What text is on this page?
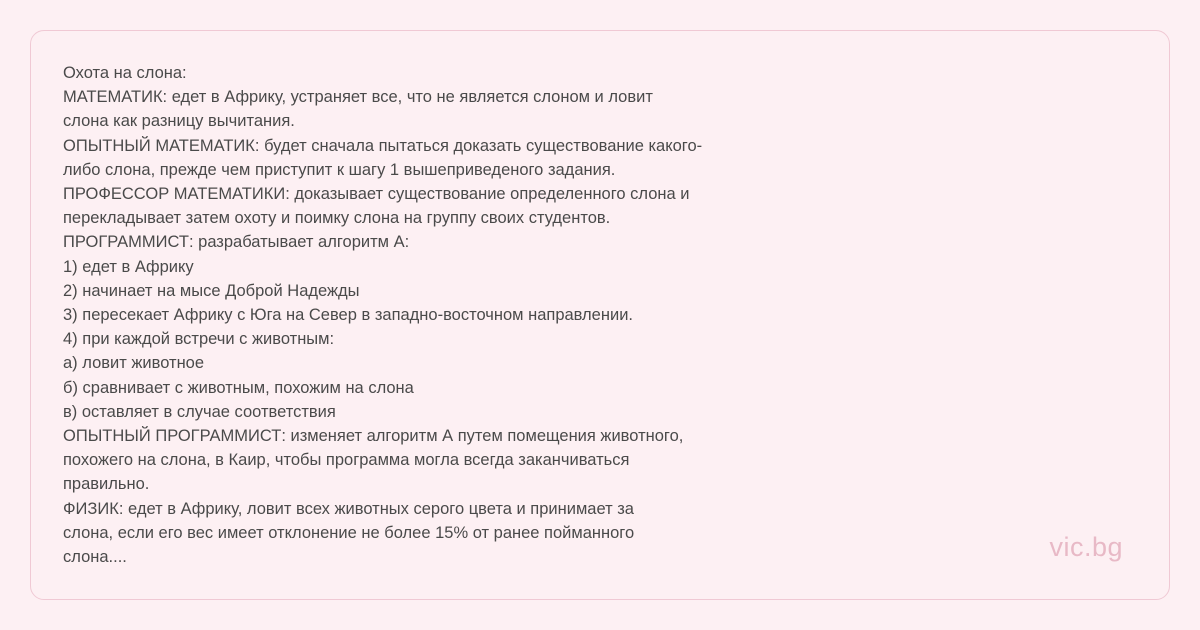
Охота на слона:
МАТЕМАТИК: едет в Африку, устраняет все, что не является слоном и ловит
слона как разницу вычитания.
ОПЫТНЫЙ МАТЕМАТИК: будет сначала пытаться доказать существование какого-
либо слона, прежде чем приступит к шагу 1 вышеприведеного задания.
ПРОФЕССОР МАТЕМАТИКИ: доказывает существование определенного слона и
перекладывает затем охоту и поимку слона на группу своих студентов.
ПРОГРАММИСТ: разрабатывает алгоритм А:
1) едет в Африку
2) начинает на мысе Доброй Надежды
3) пересекает Африку с Юга на Север в западно-восточном направлении.
4) при каждой встречи с животным:
а) ловит животное
б) сравнивает с животным, похожим на слона
в) оставляет в случае соответствия
ОПЫТНЫЙ ПРОГРАММИСТ: изменяет алгоритм А путем помещения животного,
похожего на слона, в Каир, чтобы программа могла всегда заканчиваться
правильно.
ФИЗИК: едет в Африку, ловит всех животных серого цвета и принимает за
слона, если его вес имеет отклонение не более 15% от ранее пойманного
слона....	vic.bg
